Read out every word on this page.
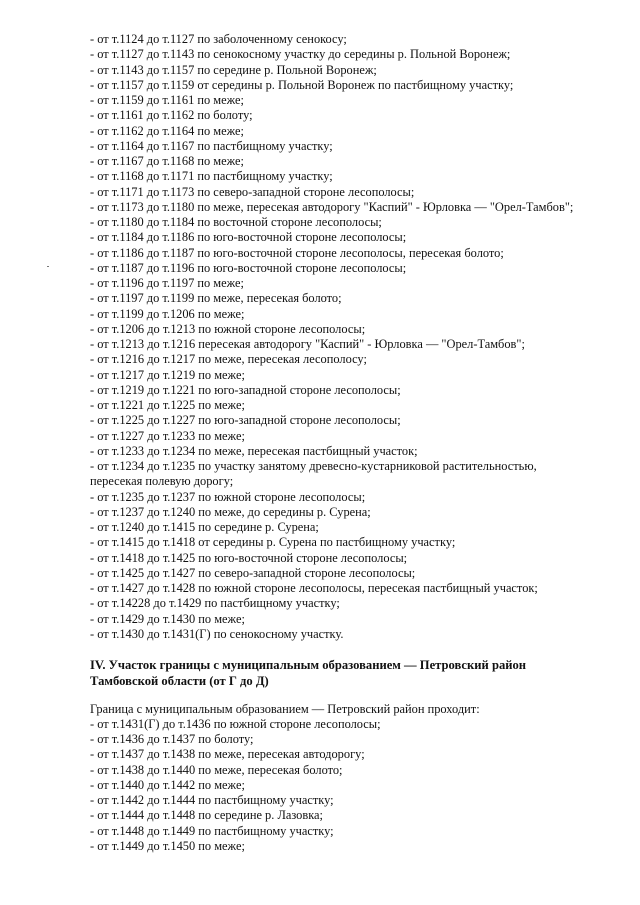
- от т.1124 до т.1127 по заболоченному сенокосу;

- от т.1127 до т.1143 по сенокосному участку до середины р. Польной Воронеж;

- от т.1143 до т.1157 по середине р. Польной Воронеж;

- от т.1157 до т.1159 от середины р. Польной Воронеж по пастбищному участку;

- от т.1159 до т.1161 по меже;

- от т.1161 до т.1162 по болоту;

- от т.1162 до т.1164 по меже;

- от т.1164 до т.1167 по пастбищному участку;

- от т.1167 до т.1168 по меже;

- от т.1168 до т.1171 по пастбищному участку;

- от т.1171 до т.1173 по северо-западной стороне лесополосы;

- от т.1173 до т.1180 по меже, пересекая автодорогу "Каспий" - Юрловка — "Орел-Тамбов";

- от т.1180 до т.1184 по восточной стороне лесополосы;

- от т.1184 до т.1186 по юго-восточной стороне лесополосы;

- от т.1186 до т.1187 по юго-восточной стороне лесополосы, пересекая болото;

- от т.1187 до т.1196 по юго-восточной стороне лесополосы;

- от т.1196 до т.1197 по меже;

- от т.1197 до т.1199 по меже, пересекая болото;

- от т.1199 до т.1206 по меже;

- от т.1206 до т.1213 по южной стороне лесополосы;

- от т.1213 до т.1216 пересекая автодорогу "Каспий" - Юрловка — "Орел-Тамбов";

- от т.1216 до т.1217 по меже, пересекая лесополосу;

- от т.1217 до т.1219 по меже;

- от т.1219 до т.1221 по юго-западной стороне лесополосы;

- от т.1221 до т.1225 по меже;

- от т.1225 до т.1227 по юго-западной стороне лесополосы;

- от т.1227 до т.1233 по меже;

- от т.1233 до т.1234 по меже, пересекая пастбищный участок;

- от т.1234 до т.1235 по участку занятому древесно-кустарниковой растительностью, пересекая полевую дорогу;

- от т.1235 до т.1237 по южной стороне лесополосы;

- от т.1237 до т.1240 по меже, до середины р. Сурена;

- от т.1240 до т.1415 по середине р. Сурена;

- от т.1415 до т.1418 от середины р. Сурена по пастбищному участку;

- от т.1418 до т.1425 по юго-восточной стороне лесополосы;

- от т.1425 до т.1427 по северо-западной стороне лесополосы;

- от т.1427 до т.1428 по южной стороне лесополосы, пересекая пастбищный участок;

- от т.14228 до т.1429 по пастбищному участку;

- от т.1429 до т.1430 по меже;

- от т.1430 до т.1431(Г) по сенокосному участку.

IV. Участок границы с муниципальным образованием — Петровский район Тамбовской области (от Г до Д)

Граница с муниципальным образованием — Петровский район проходит:

- от т.1431(Г) до т.1436 по южной стороне лесополосы;

- от т.1436 до т.1437 по болоту;

- от т.1437 до т.1438 по меже, пересекая автодорогу;

- от т.1438 до т.1440 по меже, пересекая болото;

- от т.1440 до т.1442 по меже;

- от т.1442 до т.1444 по пастбищному участку;

- от т.1444 до т.1448 по середине р. Лазовка;

- от т.1448 до т.1449 по пастбищному участку;

- от т.1449 до т.1450 по меже;
